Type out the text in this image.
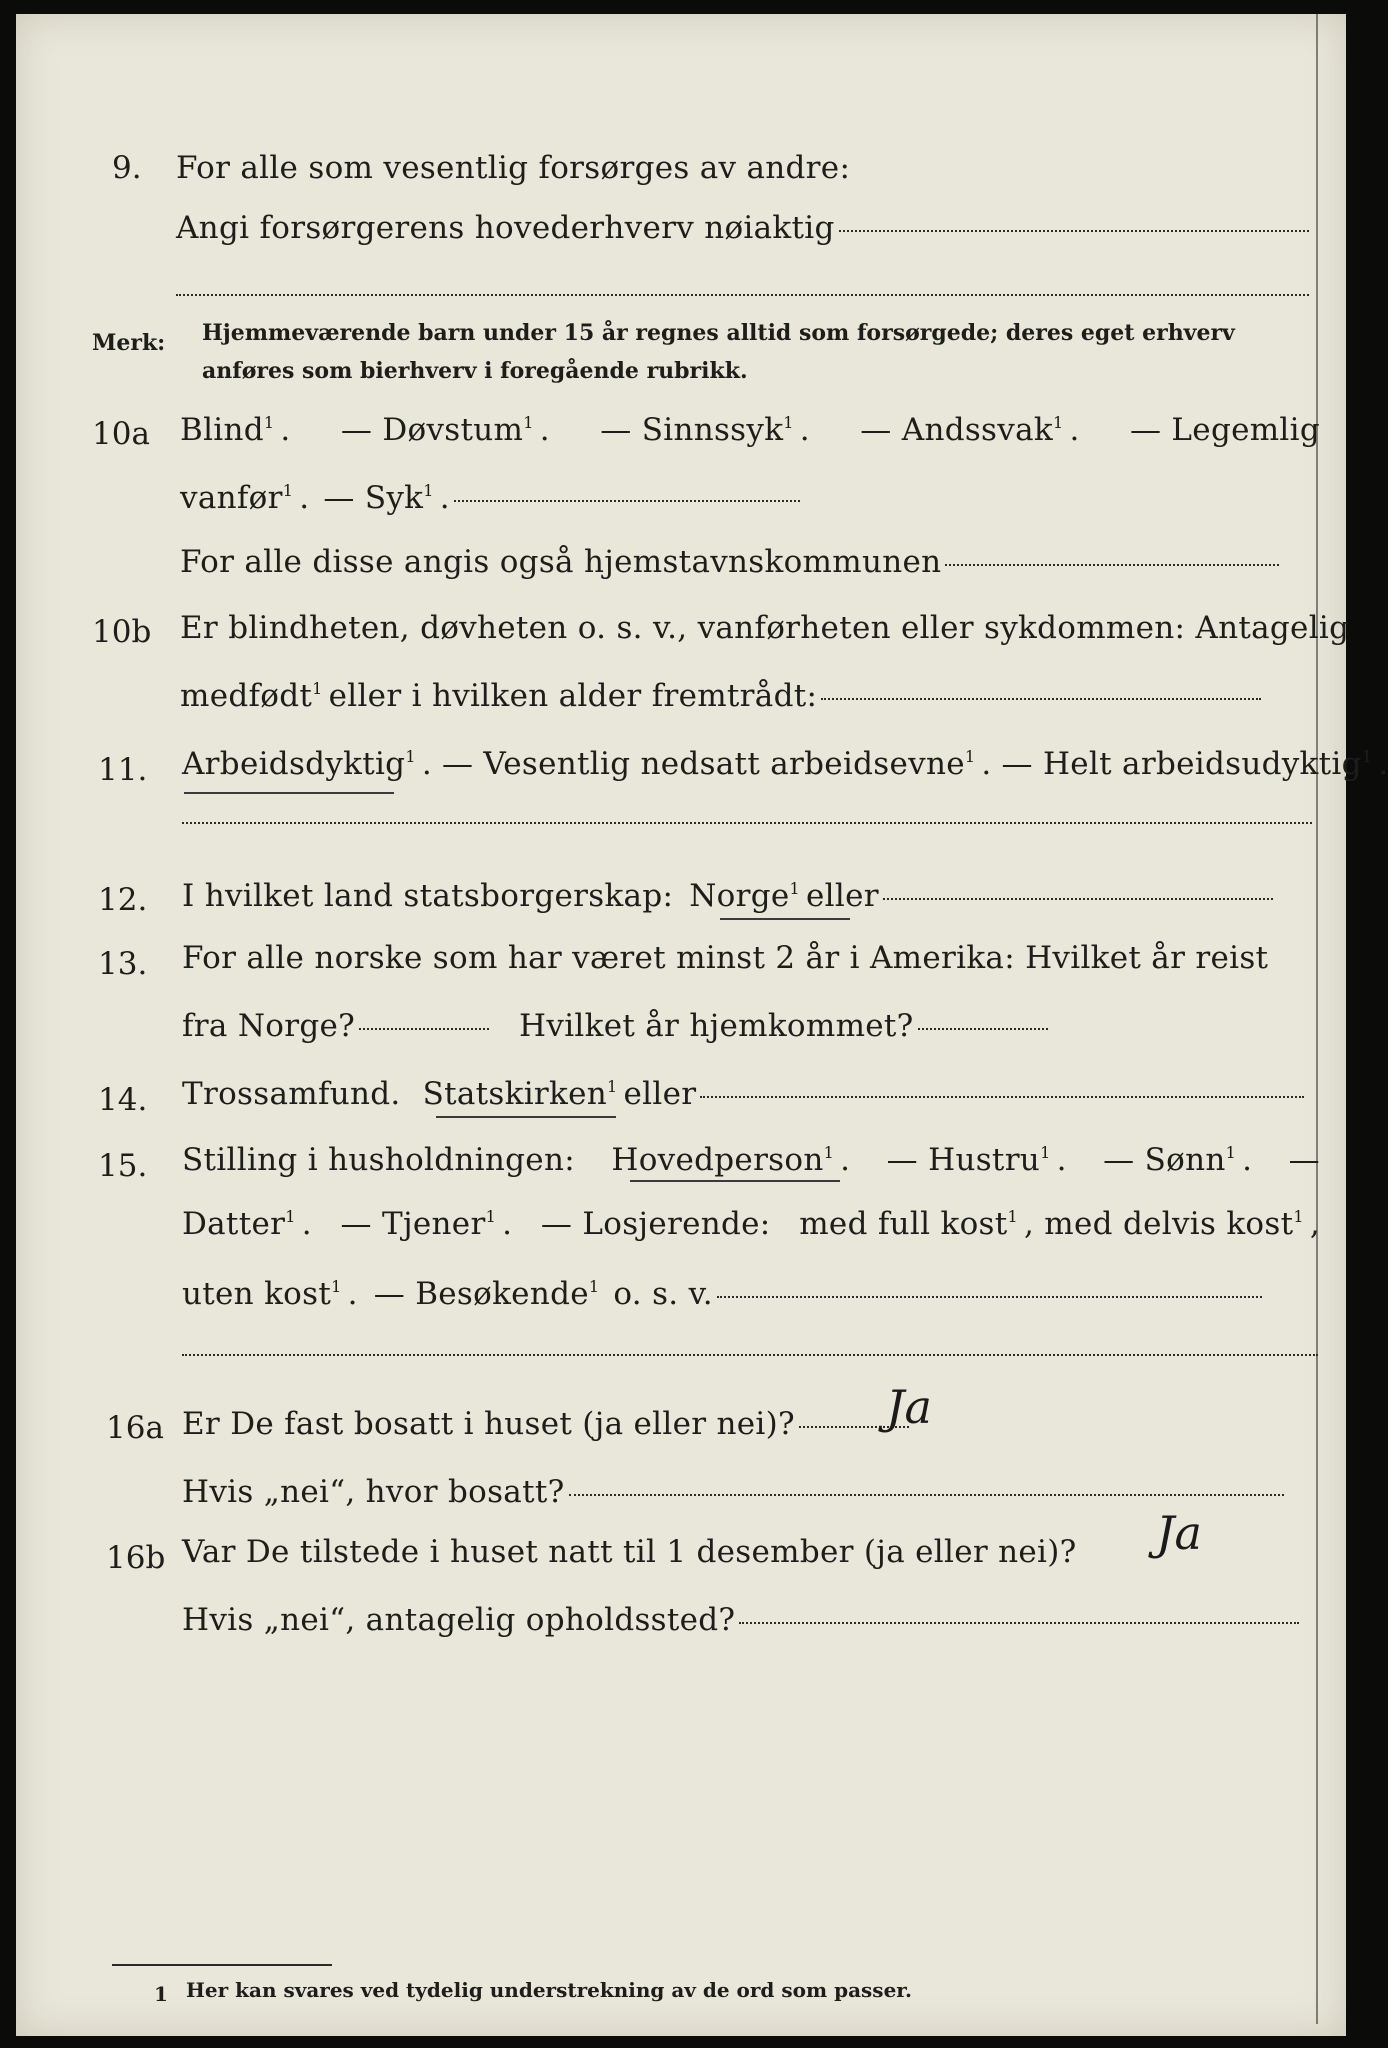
9. For alle som vesentlig forsørges av andre:
Angi forsørgerens hovederhverv nøiaktig
Merk: Hjemmeværende barn under 15 år regnes alltid som forsørgede; deres eget erhverv
anføres som bierhverv i foregående rubrikk.
10a Blind$^1$ . — Døvstum$^1$ . — Sinnssyk$^1$ . — Andssvak$^1$ . — Legemlig
vanfør$^1$ . — Syk$^1$ .
For alle disse angis også hjemstavnskommunen
10b Er blindheten, døvheten o. s. v., vanførheten eller sykdommen: Antagelig
medfødt$^1$ eller i hvilken alder fremtrådt:
11. Arbeidsdyktig$^1$ . — Vesentlig nedsatt arbeidsevne$^1$ . — Helt arbeidsudyktig$^1$ .
12. I hvilket land statsborgerskap: Norge$^1$ eller
13. For alle norske som har været minst 2 år i Amerika: Hvilket år reist
fra Norge?	Hvilket år hjemkommet?
14. Trossamfund. Statskirken$^1$ eller
15. Stilling i husholdningen: Hovedperson$^1$ . — Hustru$^1$ . — Sønn$^1$ . —
Datter$^1$ . — Tjener$^1$ . — Losjerende: med full kost$^1$ , med delvis kost$^1$ ,
uten kost$^1$ . — Besøkende$^1$ o. s. v.
16a Er De fast bosatt i huset (ja eller nei)? Ja
Hvis „nei“, hvor bosatt?
16b Var De tilstede i huset natt til 1 desember (ja eller nei)? Ja
Hvis „nei“, antagelig opholdssted?
1 Her kan svares ved tydelig understrekning av de ord som passer.
